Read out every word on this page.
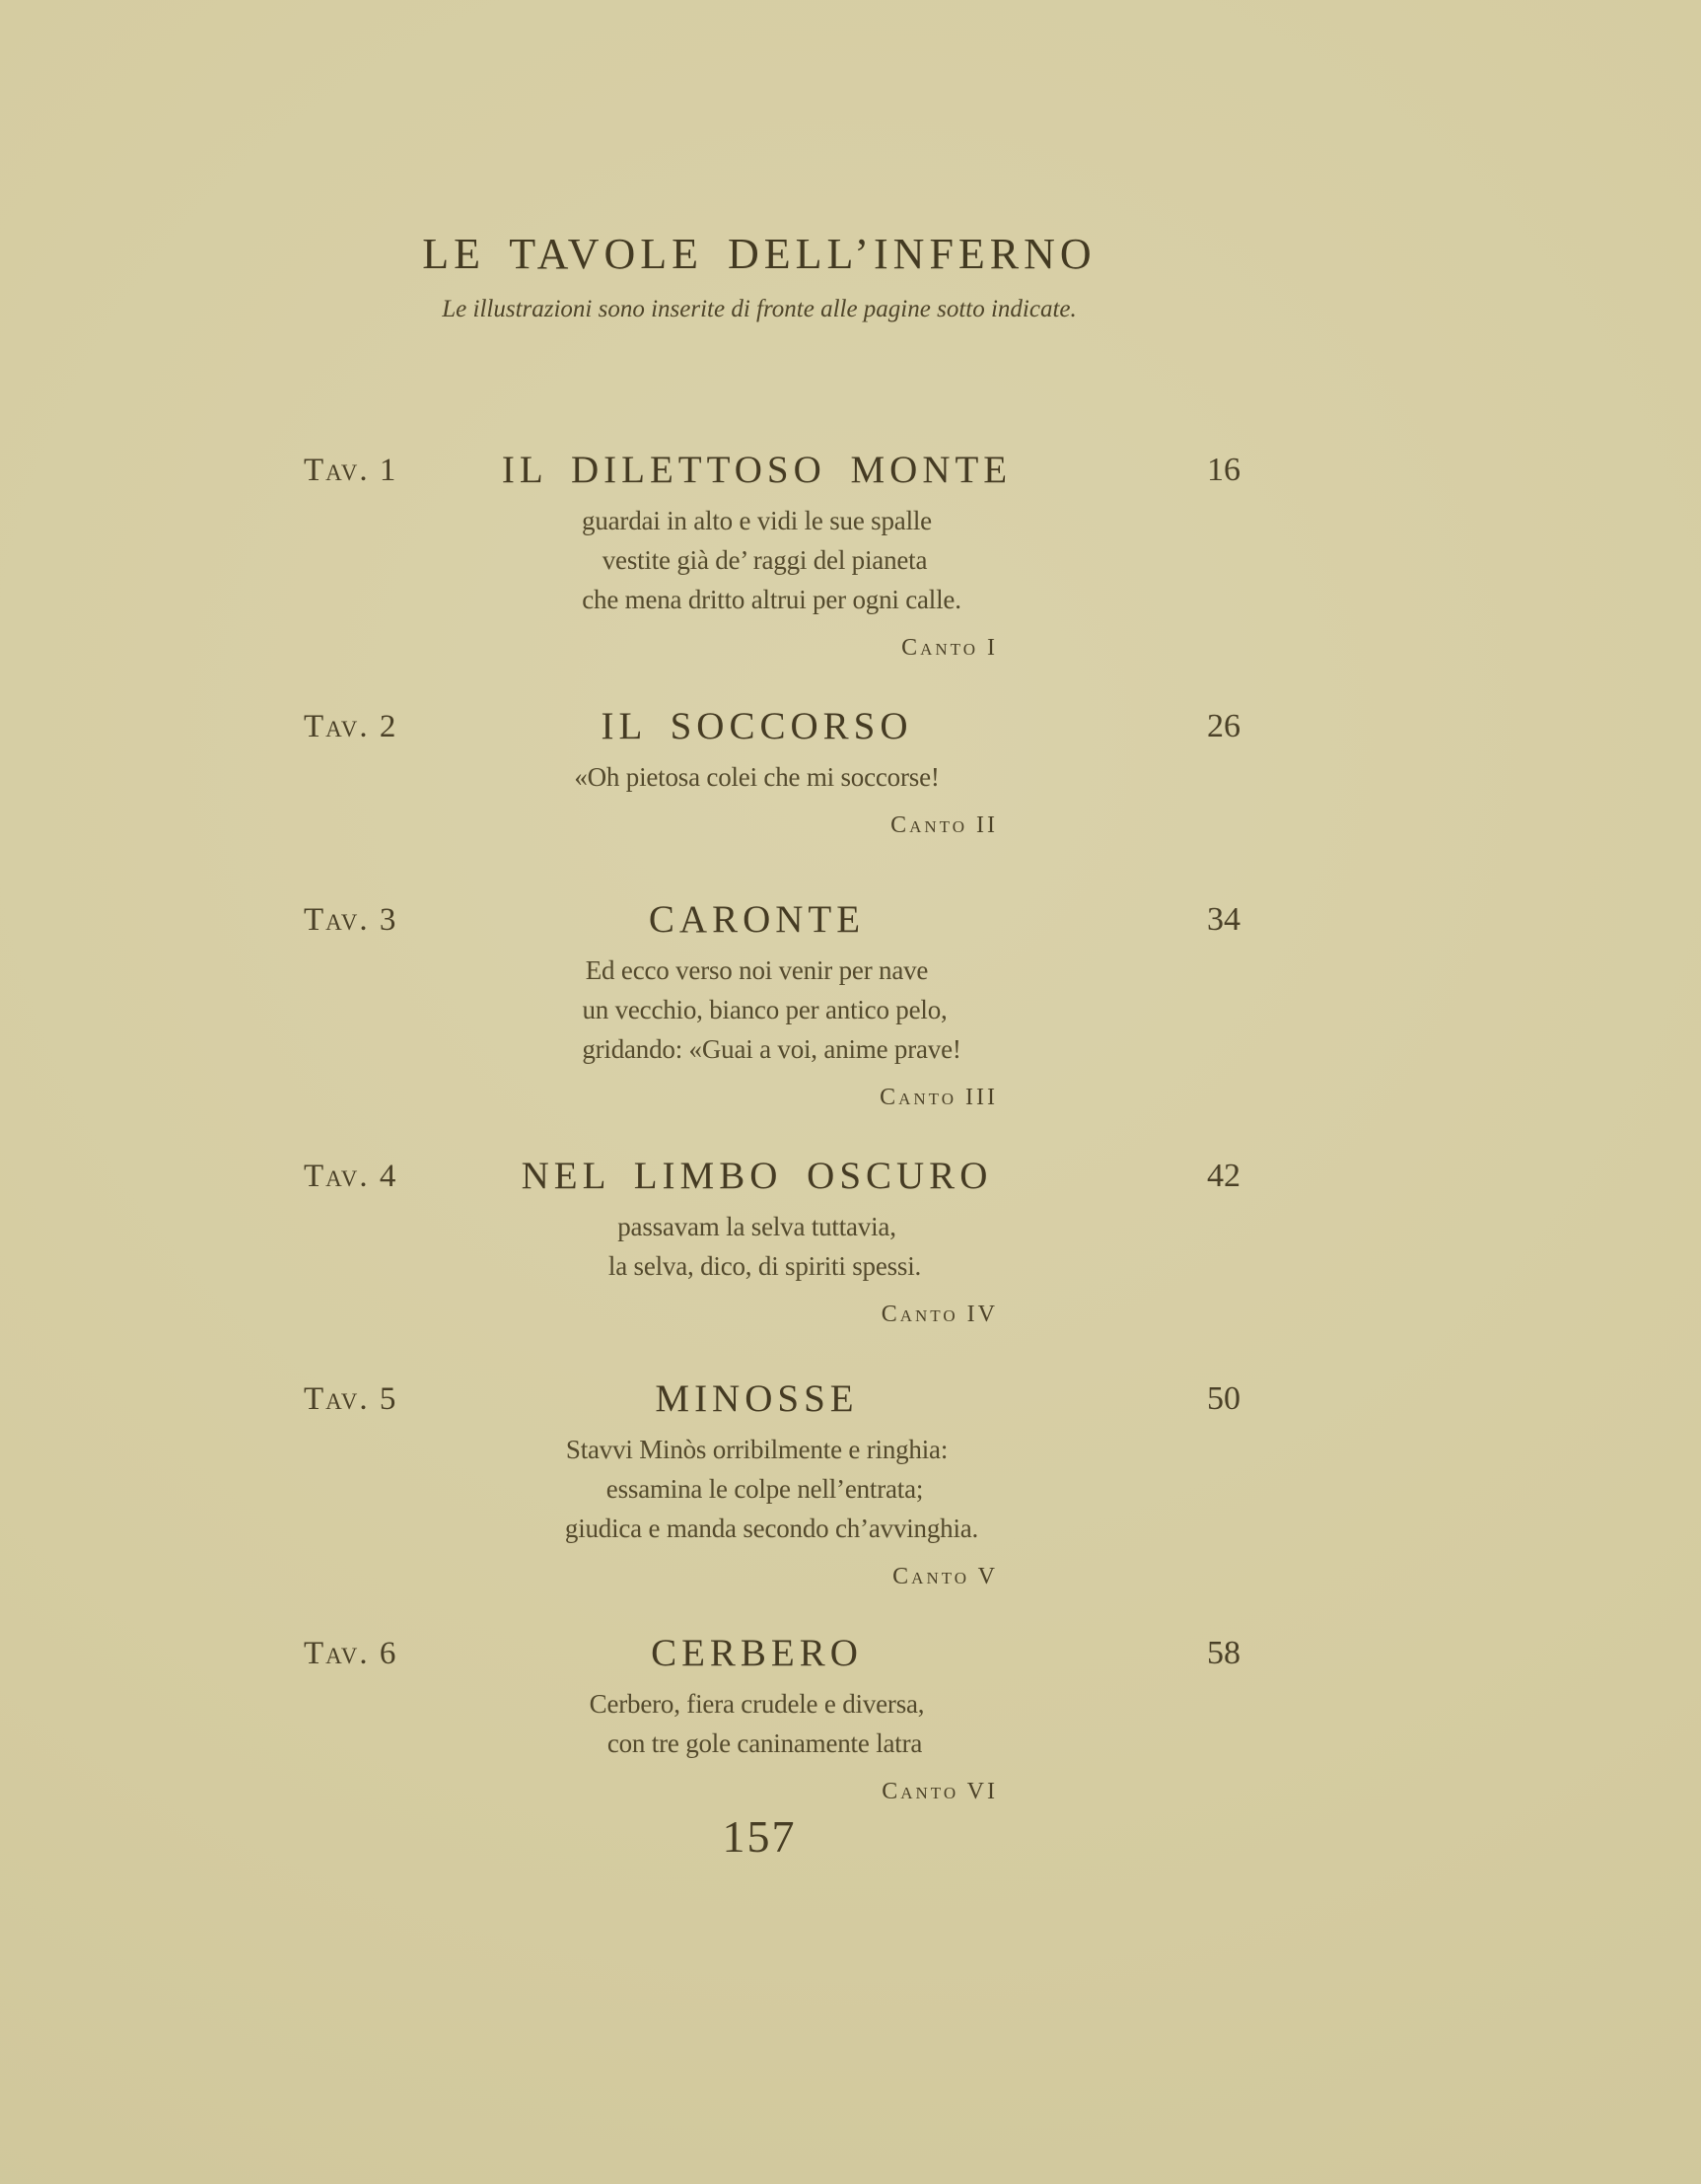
LE TAVOLE DELL’INFERNO

Le illustrazioni sono inserite di fronte alle pagine sotto indicate.

Tav. 1	IL DILETTOSO MONTE	16
guardai in alto e vidi le sue spalle
vestite già de’ raggi del pianeta
che mena dritto altrui per ogni calle.
Canto I
Tav. 2	IL SOCCORSO	26
«Oh pietosa colei che mi soccorse!
Canto II
Tav. 3	CARONTE	34
Ed ecco verso noi venir per nave
un vecchio, bianco per antico pelo,
gridando: «Guai a voi, anime prave!
Canto III
Tav. 4	NEL LIMBO OSCURO	42
passavam la selva tuttavia,
la selva, dico, di spiriti spessi.
Canto IV
Tav. 5	MINOSSE	50
Stavvi Minòs orribilmente e ringhia:
essamina le colpe nell’entrata;
giudica e manda secondo ch’avvinghia.
Canto V
Tav. 6	CERBERO	58
Cerbero, fiera crudele e diversa,
con tre gole caninamente latra
Canto VI
157
